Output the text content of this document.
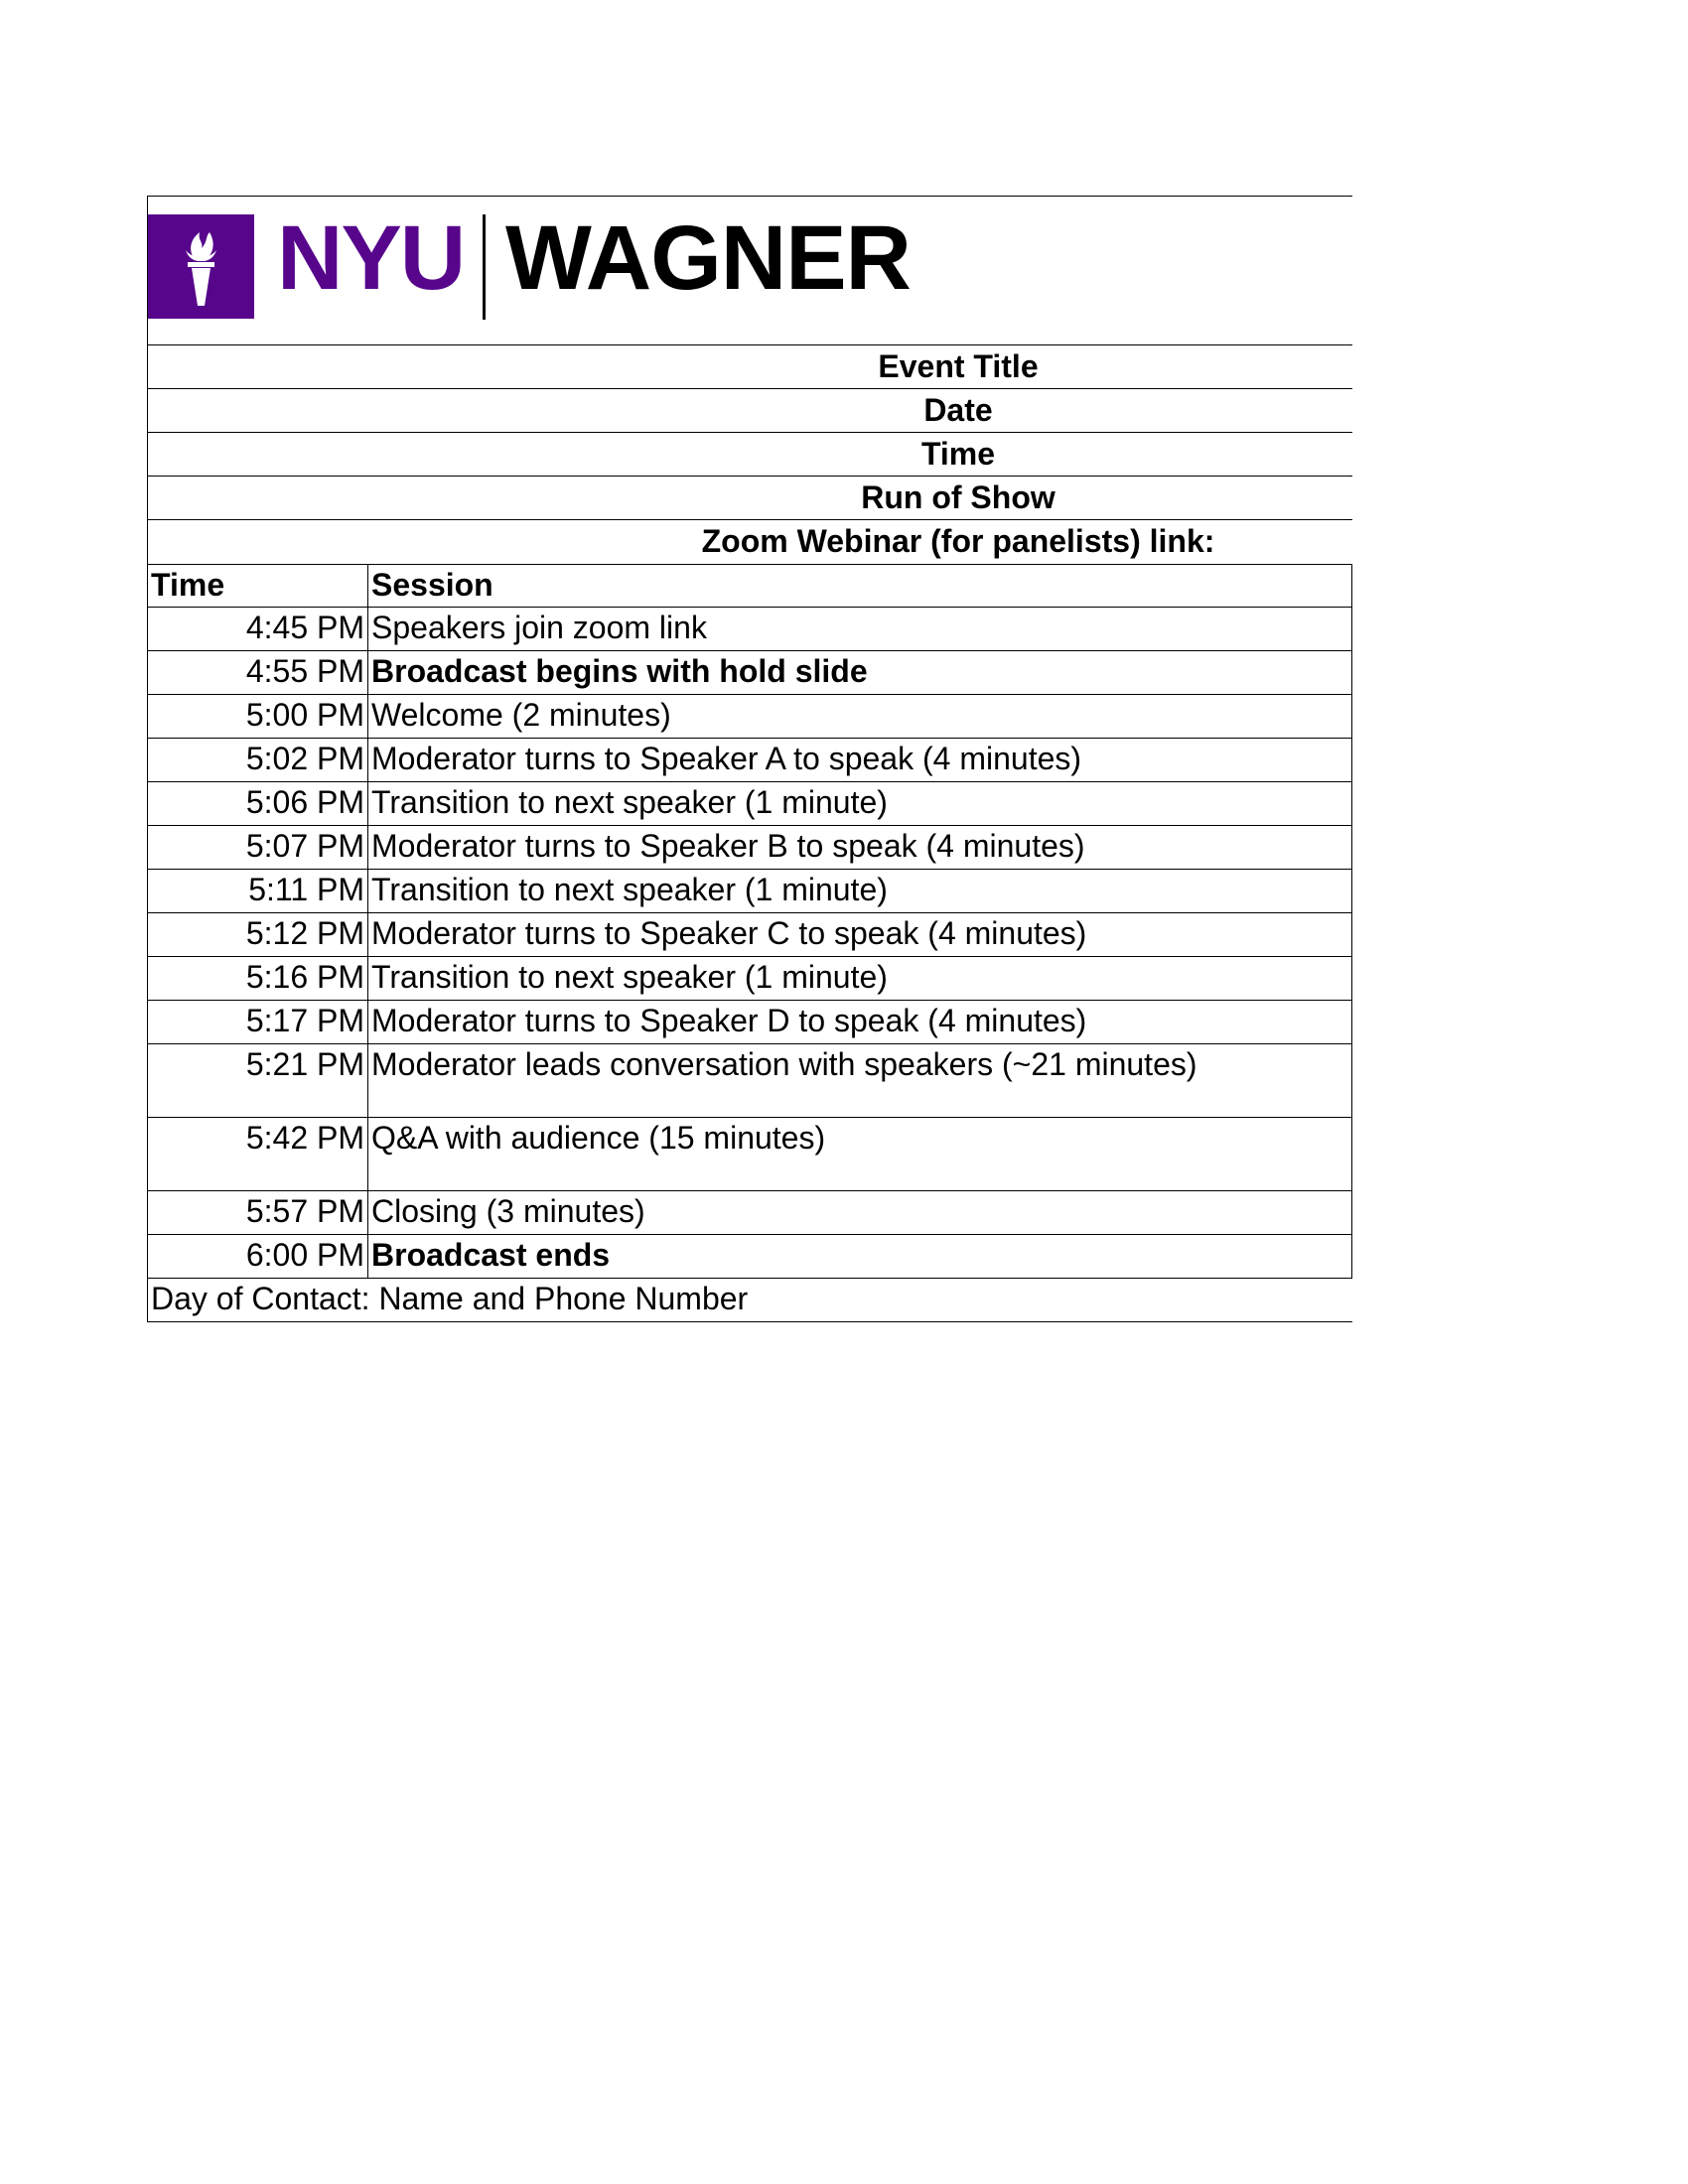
NYU WAGNER
Event Title
Date
Time
Run of Show
Zoom Webinar (for panelists) link:
Time	Session
4:45 PM Speakers join zoom link
4:55 PM Broadcast begins with hold slide
5:00 PM Welcome (2 minutes)
5:02 PM Moderator turns to Speaker A to speak (4 minutes)
5:06 PM Transition to next speaker (1 minute)
5:07 PM Moderator turns to Speaker B to speak (4 minutes)
5:11 PM Transition to next speaker (1 minute)
5:12 PM Moderator turns to Speaker C to speak (4 minutes)
5:16 PM Transition to next speaker (1 minute)
5:17 PM Moderator turns to Speaker D to speak (4 minutes)
5:21 PM Moderator leads conversation with speakers (~21 minutes)
5:42 PM Q&A with audience (15 minutes)
5:57 PM Closing (3 minutes)
6:00 PM Broadcast ends
Day of Contact: Name and Phone Number
